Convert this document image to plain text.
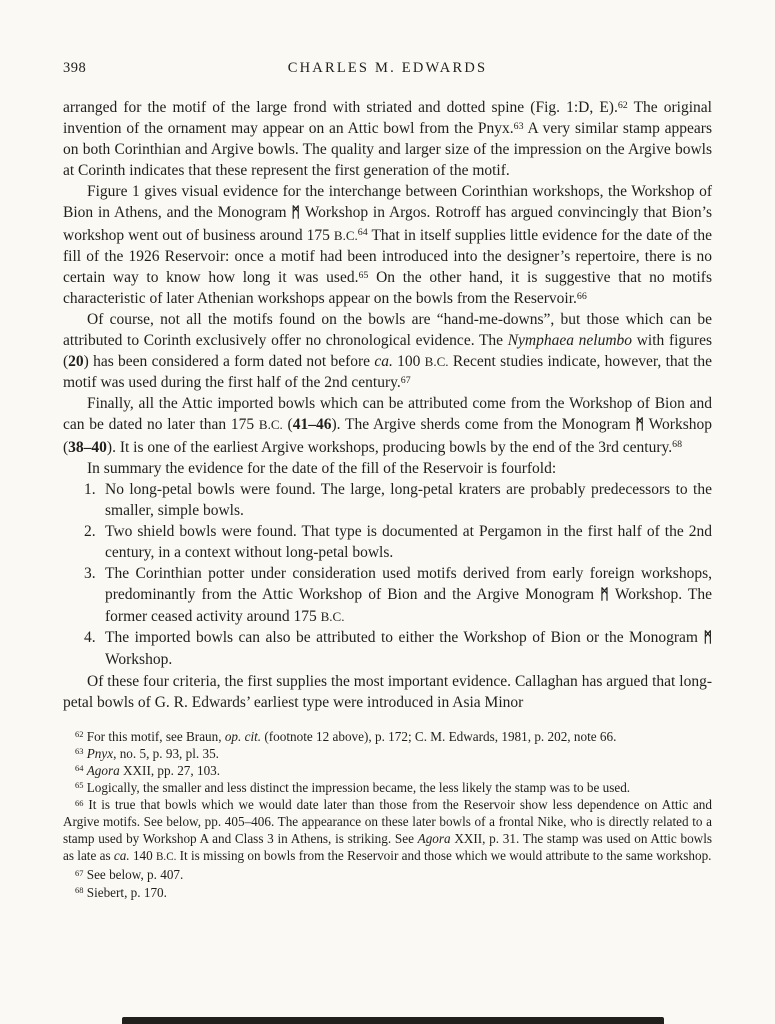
398	CHARLES M. EDWARDS

arranged for the motif of the large frond with striated and dotted spine (Fig. 1:D, E).$^{62}$ The original invention of the ornament may appear on an Attic bowl from the Pnyx.$^{63}$ A very similar stamp appears on both Corinthian and Argive bowls. The quality and larger size of the impression on the Argive bowls at Corinth indicates that these represent the first generation of the motif.

Figure 1 gives visual evidence for the interchange between Corinthian workshops, the Workshop of Bion in Athens, and the Monogram ᛗ Workshop in Argos. Rotroff has argued convincingly that Bion’s workshop went out of business around 175 B.C.$^{64}$ That in itself supplies little evidence for the date of the fill of the 1926 Reservoir: once a motif had been introduced into the designer’s repertoire, there is no certain way to know how long it was used.$^{65}$ On the other hand, it is suggestive that no motifs characteristic of later Athenian workshops appear on the bowls from the Reservoir.$^{66}$

Of course, not all the motifs found on the bowls are “hand-me-downs”, but those which can be attributed to Corinth exclusively offer no chronological evidence. The Nymphaea nelumbo with figures (20) has been considered a form dated not before ca. 100 B.C. Recent studies indicate, however, that the motif was used during the first half of the 2nd century.$^{67}$

Finally, all the Attic imported bowls which can be attributed come from the Workshop of Bion and can be dated no later than 175 B.C. (41–46). The Argive sherds come from the Monogram ᛗ Workshop (38–40). It is one of the earliest Argive workshops, producing bowls by the end of the 3rd century.$^{68}$

In summary the evidence for the date of the fill of the Reservoir is fourfold:

1. No long-petal bowls were found. The large, long-petal kraters are probably predecessors to the smaller, simple bowls.
2. Two shield bowls were found. That type is documented at Pergamon in the first half of the 2nd century, in a context without long-petal bowls.
3. The Corinthian potter under consideration used motifs derived from early foreign workshops, predominantly from the Attic Workshop of Bion and the Argive Monogram ᛗ Workshop. The former ceased activity around 175 B.C.
4. The imported bowls can also be attributed to either the Workshop of Bion or the Monogram ᛗ Workshop.

Of these four criteria, the first supplies the most important evidence. Callaghan has argued that long-petal bowls of G. R. Edwards’ earliest type were introduced in Asia Minor

$^{62}$ For this motif, see Braun, op. cit. (footnote 12 above), p. 172; C. M. Edwards, 1981, p. 202, note 66.

$^{63}$ Pnyx, no. 5, p. 93, pl. 35.

$^{64}$ Agora XXII, pp. 27, 103.

$^{65}$ Logically, the smaller and less distinct the impression became, the less likely the stamp was to be used.

$^{66}$ It is true that bowls which we would date later than those from the Reservoir show less dependence on Attic and Argive motifs. See below, pp. 405–406. The appearance on these later bowls of a frontal Nike, who is directly related to a stamp used by Workshop A and Class 3 in Athens, is striking. See Agora XXII, p. 31. The stamp was used on Attic bowls as late as ca. 140 B.C. It is missing on bowls from the Reservoir and those which we would attribute to the same workshop.

$^{67}$ See below, p. 407.

$^{68}$ Siebert, p. 170.
